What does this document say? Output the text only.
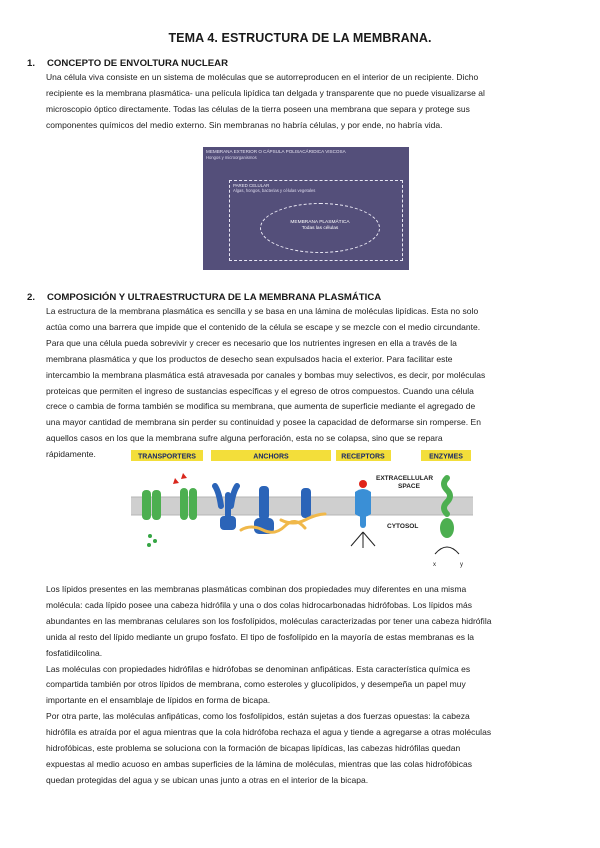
TEMA 4. ESTRUCTURA DE LA MEMBRANA.
1.	CONCEPTO DE ENVOLTURA NUCLEAR

Una célula viva consiste en un sistema de moléculas que se autorreproducen en el interior de un recipiente. Dicho
recipiente es la membrana plasmática- una película lipídica tan delgada y transparente que no puede visualizarse al
microscopio óptico directamente. Todas las células de la tierra poseen una membrana que separa y protege sus
componentes químicos del medio externo. Sin membranas no habría células, y por ende, no habría vida.

MEMBRANA EXTERIOR O CÁPSULA POLISACÁRIDICA VISCOSA
Hongos y microorganismos
PARED CELULAR
Algas, hongos, bacterias y células vegetales
MEMBRANA PLASMÁTICA
Todas las células
2.	COMPOSICIÓN Y ULTRAESTRUCTURA DE LA MEMBRANA PLASMÁTICA

La estructura de la membrana plasmática es sencilla y se basa en una lámina de moléculas lipídicas. Esta no solo
actúa como una barrera que impide que el contenido de la célula se escape y se mezcle con el medio circundante.
Para que una célula pueda sobrevivir y crecer es necesario que los nutrientes ingresen en ella a través de la
membrana plasmática y que los productos de desecho sean expulsados hacia el exterior. Para facilitar este
intercambio la membrana plasmática está atravesada por canales y bombas muy selectivos, es decir, por moléculas
proteicas que permiten el ingreso de sustancias específicas y el egreso de otros compuestos. Cuando una célula
crece o cambia de forma también se modifica su membrana, que aumenta de superficie mediante el agregado de
una mayor cantidad de membrana sin perder su continuidad y posee la capacidad de deformarse sin romperse. En
aquellos casos en los que la membrana sufre alguna perforación, esta no se colapsa, sino que se repara
rápidamente.	TRANSPORTERS	ANCHORS	RECEPTORS	ENZYMES
EXTRACELLULAR
SPACE
CYTOSOL
x	y

Los lípidos presentes en las membranas plasmáticas combinan dos propiedades muy diferentes en una misma
molécula: cada lípido posee una cabeza hidrófila y una o dos colas hidrocarbonadas hidrófobas. Los lípidos más
abundantes en las membranas celulares son los fosfolípidos, moléculas caracterizadas por tener una cabeza hidrófila
unida al resto del lípido mediante un grupo fosfato. El tipo de fosfolípido en la mayoría de estas membranas es la
fosfatidilcolina.
Las moléculas con propiedades hidrófilas e hidrófobas se denominan anfipáticas. Esta característica química es
compartida también por otros lípidos de membrana, como esteroles y glucolípidos, y desempeña un papel muy
importante en el ensamblaje de lípidos en forma de bicapa.
Por otra parte, las moléculas anfipáticas, como los fosfolípidos, están sujetas a dos fuerzas opuestas: la cabeza
hidrófila es atraída por el agua mientras que la cola hidrófoba rechaza el agua y tiende a agregarse a otras moléculas
hidrofóbicas, este problema se soluciona con la formación de bicapas lipídicas, las cabezas hidrófilas quedan
expuestas al medio acuoso en ambas superficies de la lámina de moléculas, mientras que las colas hidrofóbicas
quedan protegidas del agua y se ubican unas junto a otras en el interior de la bicapa.
